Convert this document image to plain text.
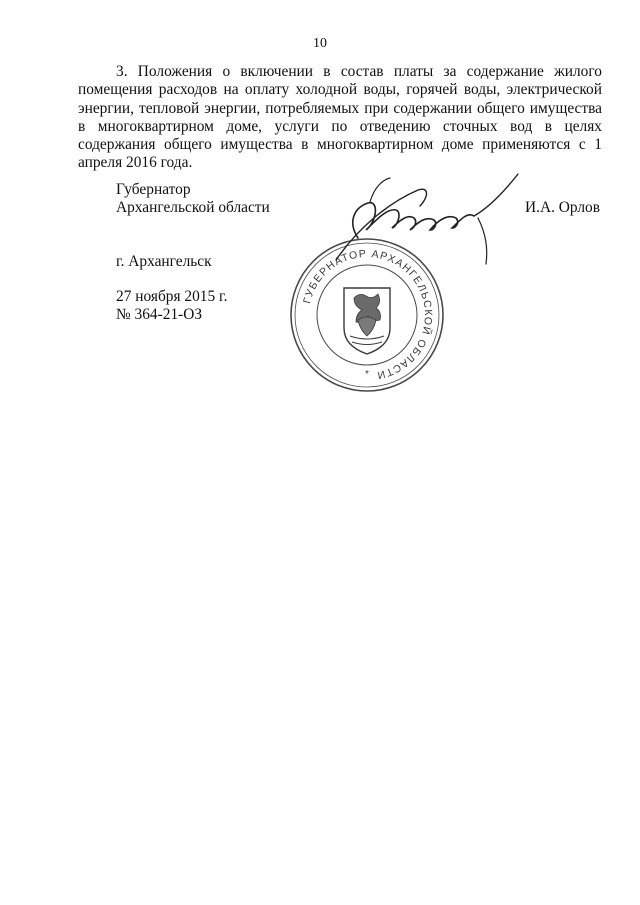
10

3. Положения о включении в состав платы за содержание жилого помещения расходов на оплату холодной воды, горячей воды, электрической энергии, тепловой энергии, потребляемых при содержании общего имущества в многоквартирном доме, услуги по отведению сточных вод в целях содержания общего имущества в многоквартирном доме применяются с 1 апреля 2016 года.

Губернатор
Архангельской области	И.А. Орлов
г. Архангельск
27 ноября 2015 г.
№ 364-21-ОЗ
ГУБЕРНАТОР АРХАНГЕЛЬСКОЙ ОБЛАСТИ
*
